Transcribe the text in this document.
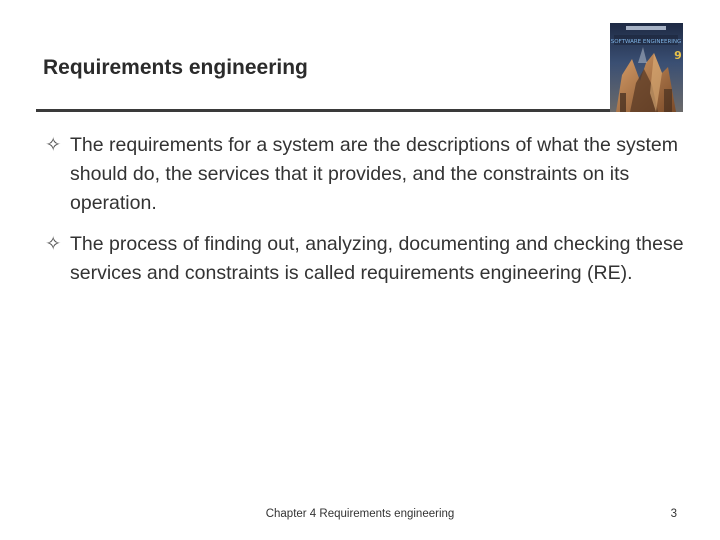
Requirements engineering
SOFTWARE ENGINEERING
9
✧ The requirements for a system are the descriptions of what the system should do, the services that it provides, and the constraints on its operation.
✧ The process of finding out, analyzing, documenting and checking these services and constraints is called requirements engineering (RE).
Chapter 4 Requirements engineering	3
